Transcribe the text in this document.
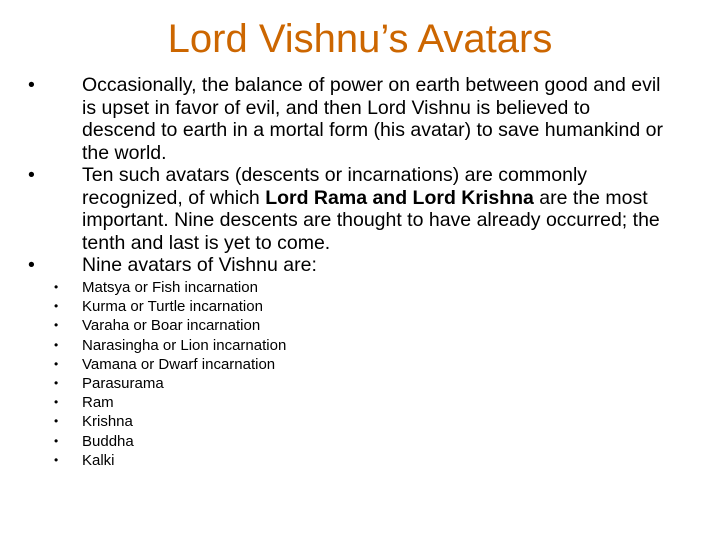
Lord Vishnu’s Avatars
•	Occasionally, the balance of power on earth between good and evil is upset in favor of evil, and then Lord Vishnu is believed to descend to earth in a mortal form (his avatar) to save humankind or the world.
•	Ten such avatars (descents or incarnations) are commonly recognized, of which Lord Rama and Lord Krishna are the most important. Nine descents are thought to have already occurred; the tenth and last is yet to come.
•	Nine avatars of Vishnu are:
• Matsya or Fish incarnation
• Kurma or Turtle incarnation
• Varaha or Boar incarnation
• Narasingha or Lion incarnation
• Vamana or Dwarf incarnation
• Parasurama
• Ram
• Krishna
• Buddha
• Kalki
